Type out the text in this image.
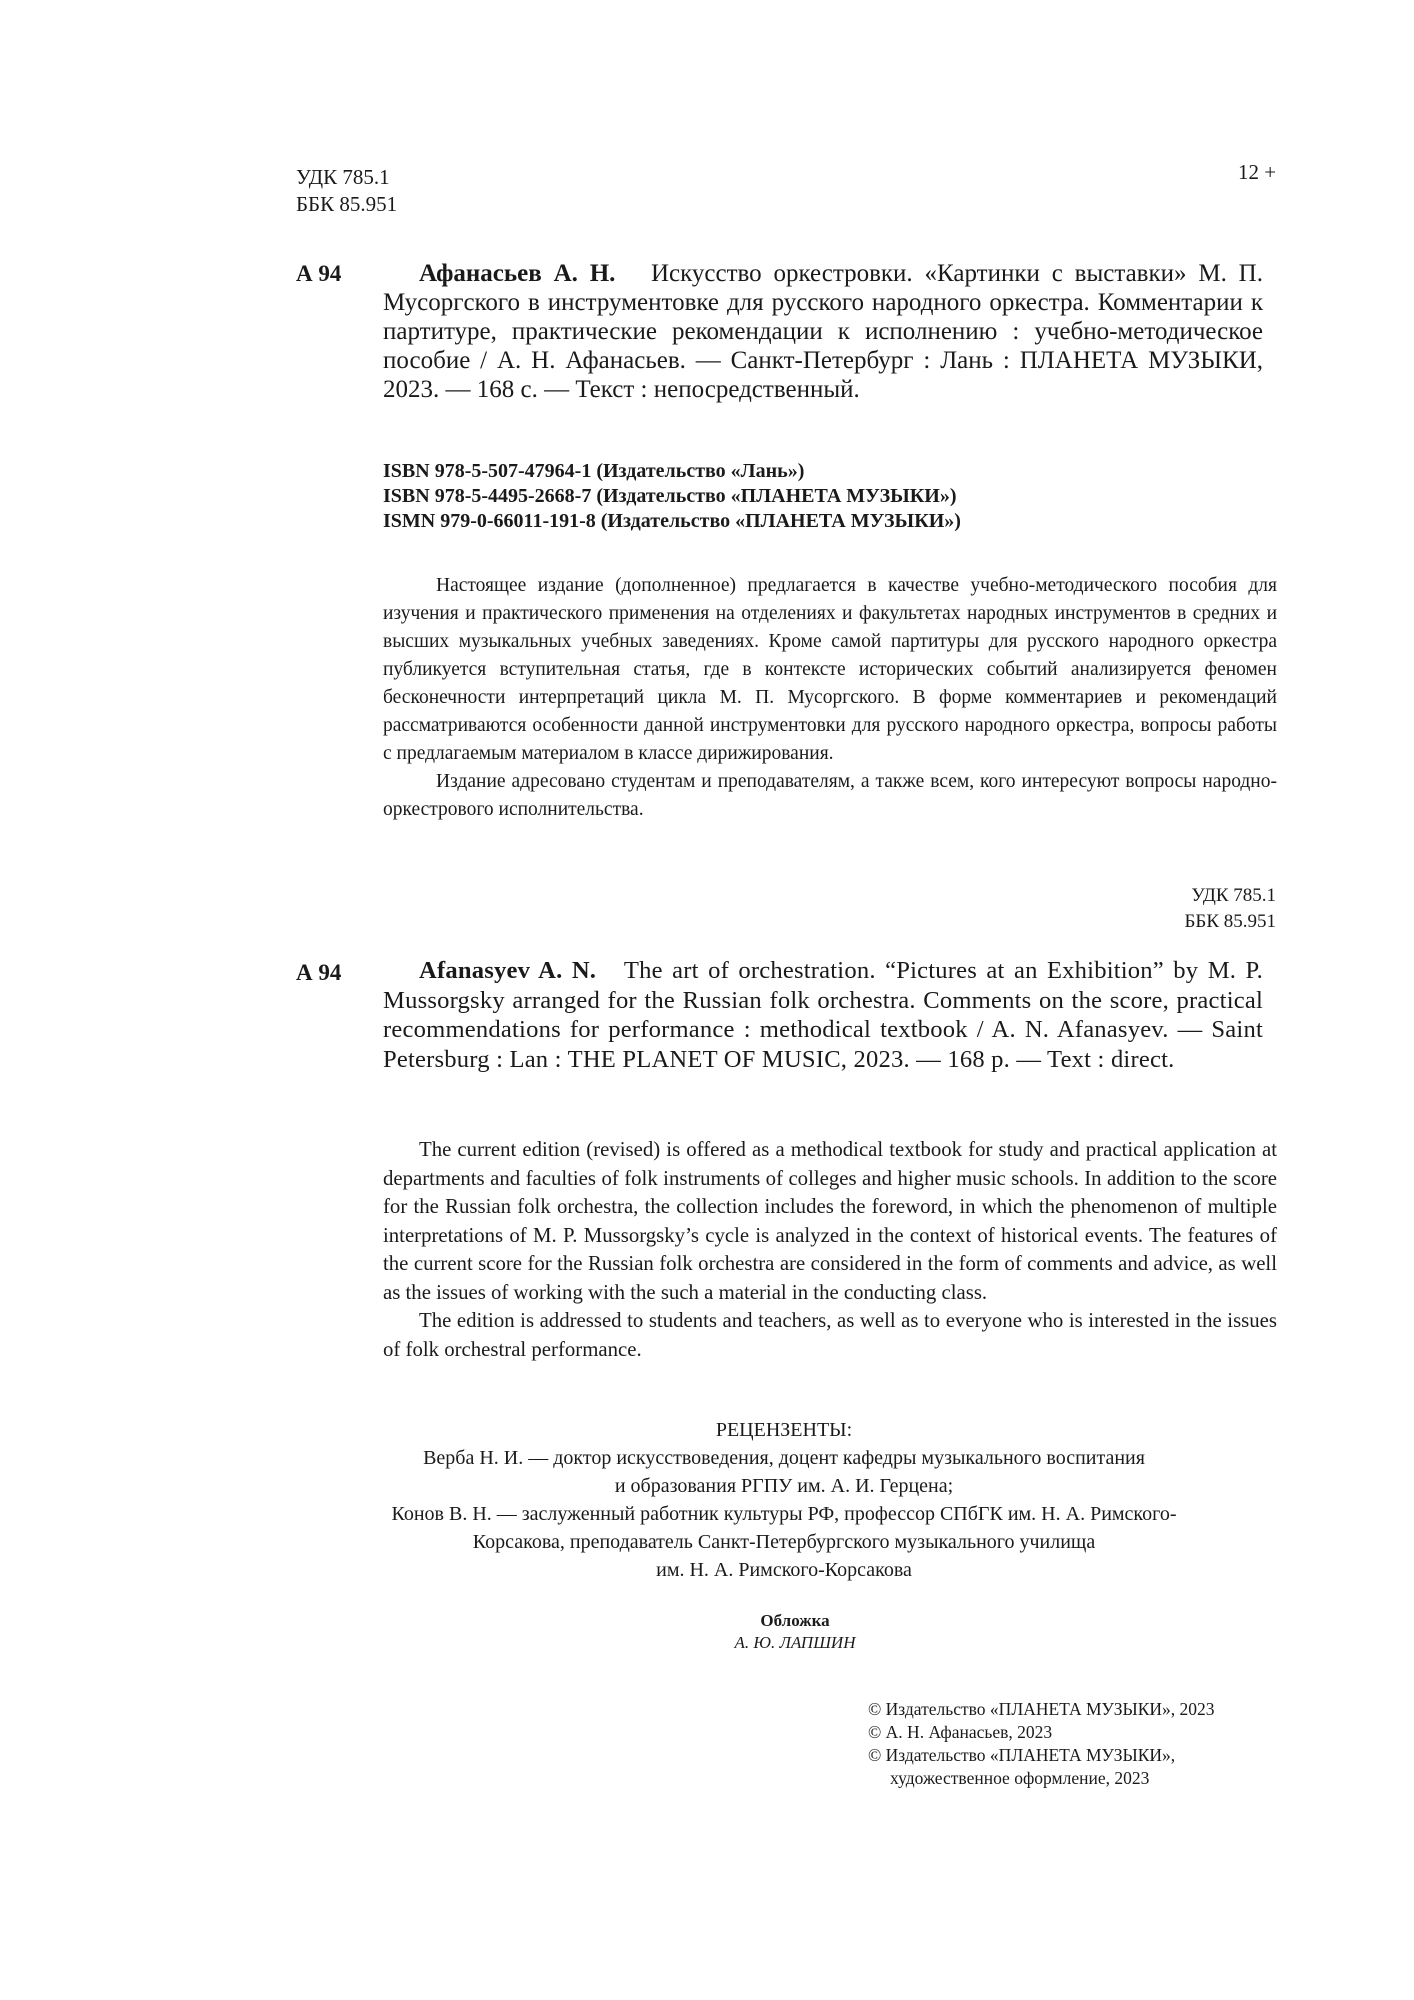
УДК 785.1
ББК 85.951
12 +
А 94	Афанасьев А. Н. Искусство оркестровки. «Картинки с выставки» М. П. Мусоргского в инструментовке для русского народного оркестра. Комментарии к партитуре, практические рекомендации к исполнению : учебно-методическое пособие / А. Н. Афанасьев. — Санкт-Петербург : Лань : ПЛАНЕТА МУЗЫКИ, 2023. — 168 с. — Текст : непосредственный.
ISBN 978-5-507-47964-1 (Издательство «Лань»)
ISBN 978-5-4495-2668-7 (Издательство «ПЛАНЕТА МУЗЫКИ»)
ISMN 979-0-66011-191-8 (Издательство «ПЛАНЕТА МУЗЫКИ»)

Настоящее издание (дополненное) предлагается в качестве учебно-методического пособия для изучения и практического применения на отделениях и факультетах народных инструментов в средних и высших музыкальных учебных заведениях. Кроме самой партитуры для русского народного оркестра публикуется вступительная статья, где в контексте исторических событий анализируется феномен бесконечности интерпретаций цикла М. П. Мусоргского. В форме комментариев и рекомендаций рассматриваются особенности данной инструментовки для русского народного оркестра, вопросы работы с предлагаемым материалом в классе дирижирования.

Издание адресовано студентам и преподавателям, а также всем, кого интересуют вопросы народно-оркестрового исполнительства.

УДК 785.1
ББК 85.951
А 94	Afanasyev A. N. The art of orchestration. “Pictures at an Exhibition” by M. P. Mussorgsky arranged for the Russian folk orchestra. Comments on the score, practical recommendations for performance : methodical textbook / A. N. Afanasyev. — Saint Petersburg : Lan : THE PLANET OF MUSIC, 2023. — 168 p. — Text : direct.

The current edition (revised) is offered as a methodical textbook for study and practical application at departments and faculties of folk instruments of colleges and higher music schools. In addition to the score for the Russian folk orchestra, the collection includes the foreword, in which the phenomenon of multiple interpretations of M. P. Mussorgsky’s cycle is analyzed in the context of historical events. The features of the current score for the Russian folk orchestra are considered in the form of comments and advice, as well as the issues of working with the such a material in the conducting class.

The edition is addressed to students and teachers, as well as to everyone who is interested in the issues of folk orchestral performance.

РЕЦЕНЗЕНТЫ:
Верба Н. И. — доктор искусствоведения, доцент кафедры музыкального воспитания
и образования РГПУ им. А. И. Герцена;
Конов В. Н. — заслуженный работник культуры РФ, профессор СПбГК им. Н. А. Римского-
Корсакова, преподаватель Санкт-Петербургского музыкального училища
им. Н. А. Римского-Корсакова
Обложка
А. Ю. ЛАПШИН
© Издательство «ПЛАНЕТА МУЗЫКИ», 2023
© А. Н. Афанасьев, 2023
© Издательство «ПЛАНЕТА МУЗЫКИ»,
художественное оформление, 2023
